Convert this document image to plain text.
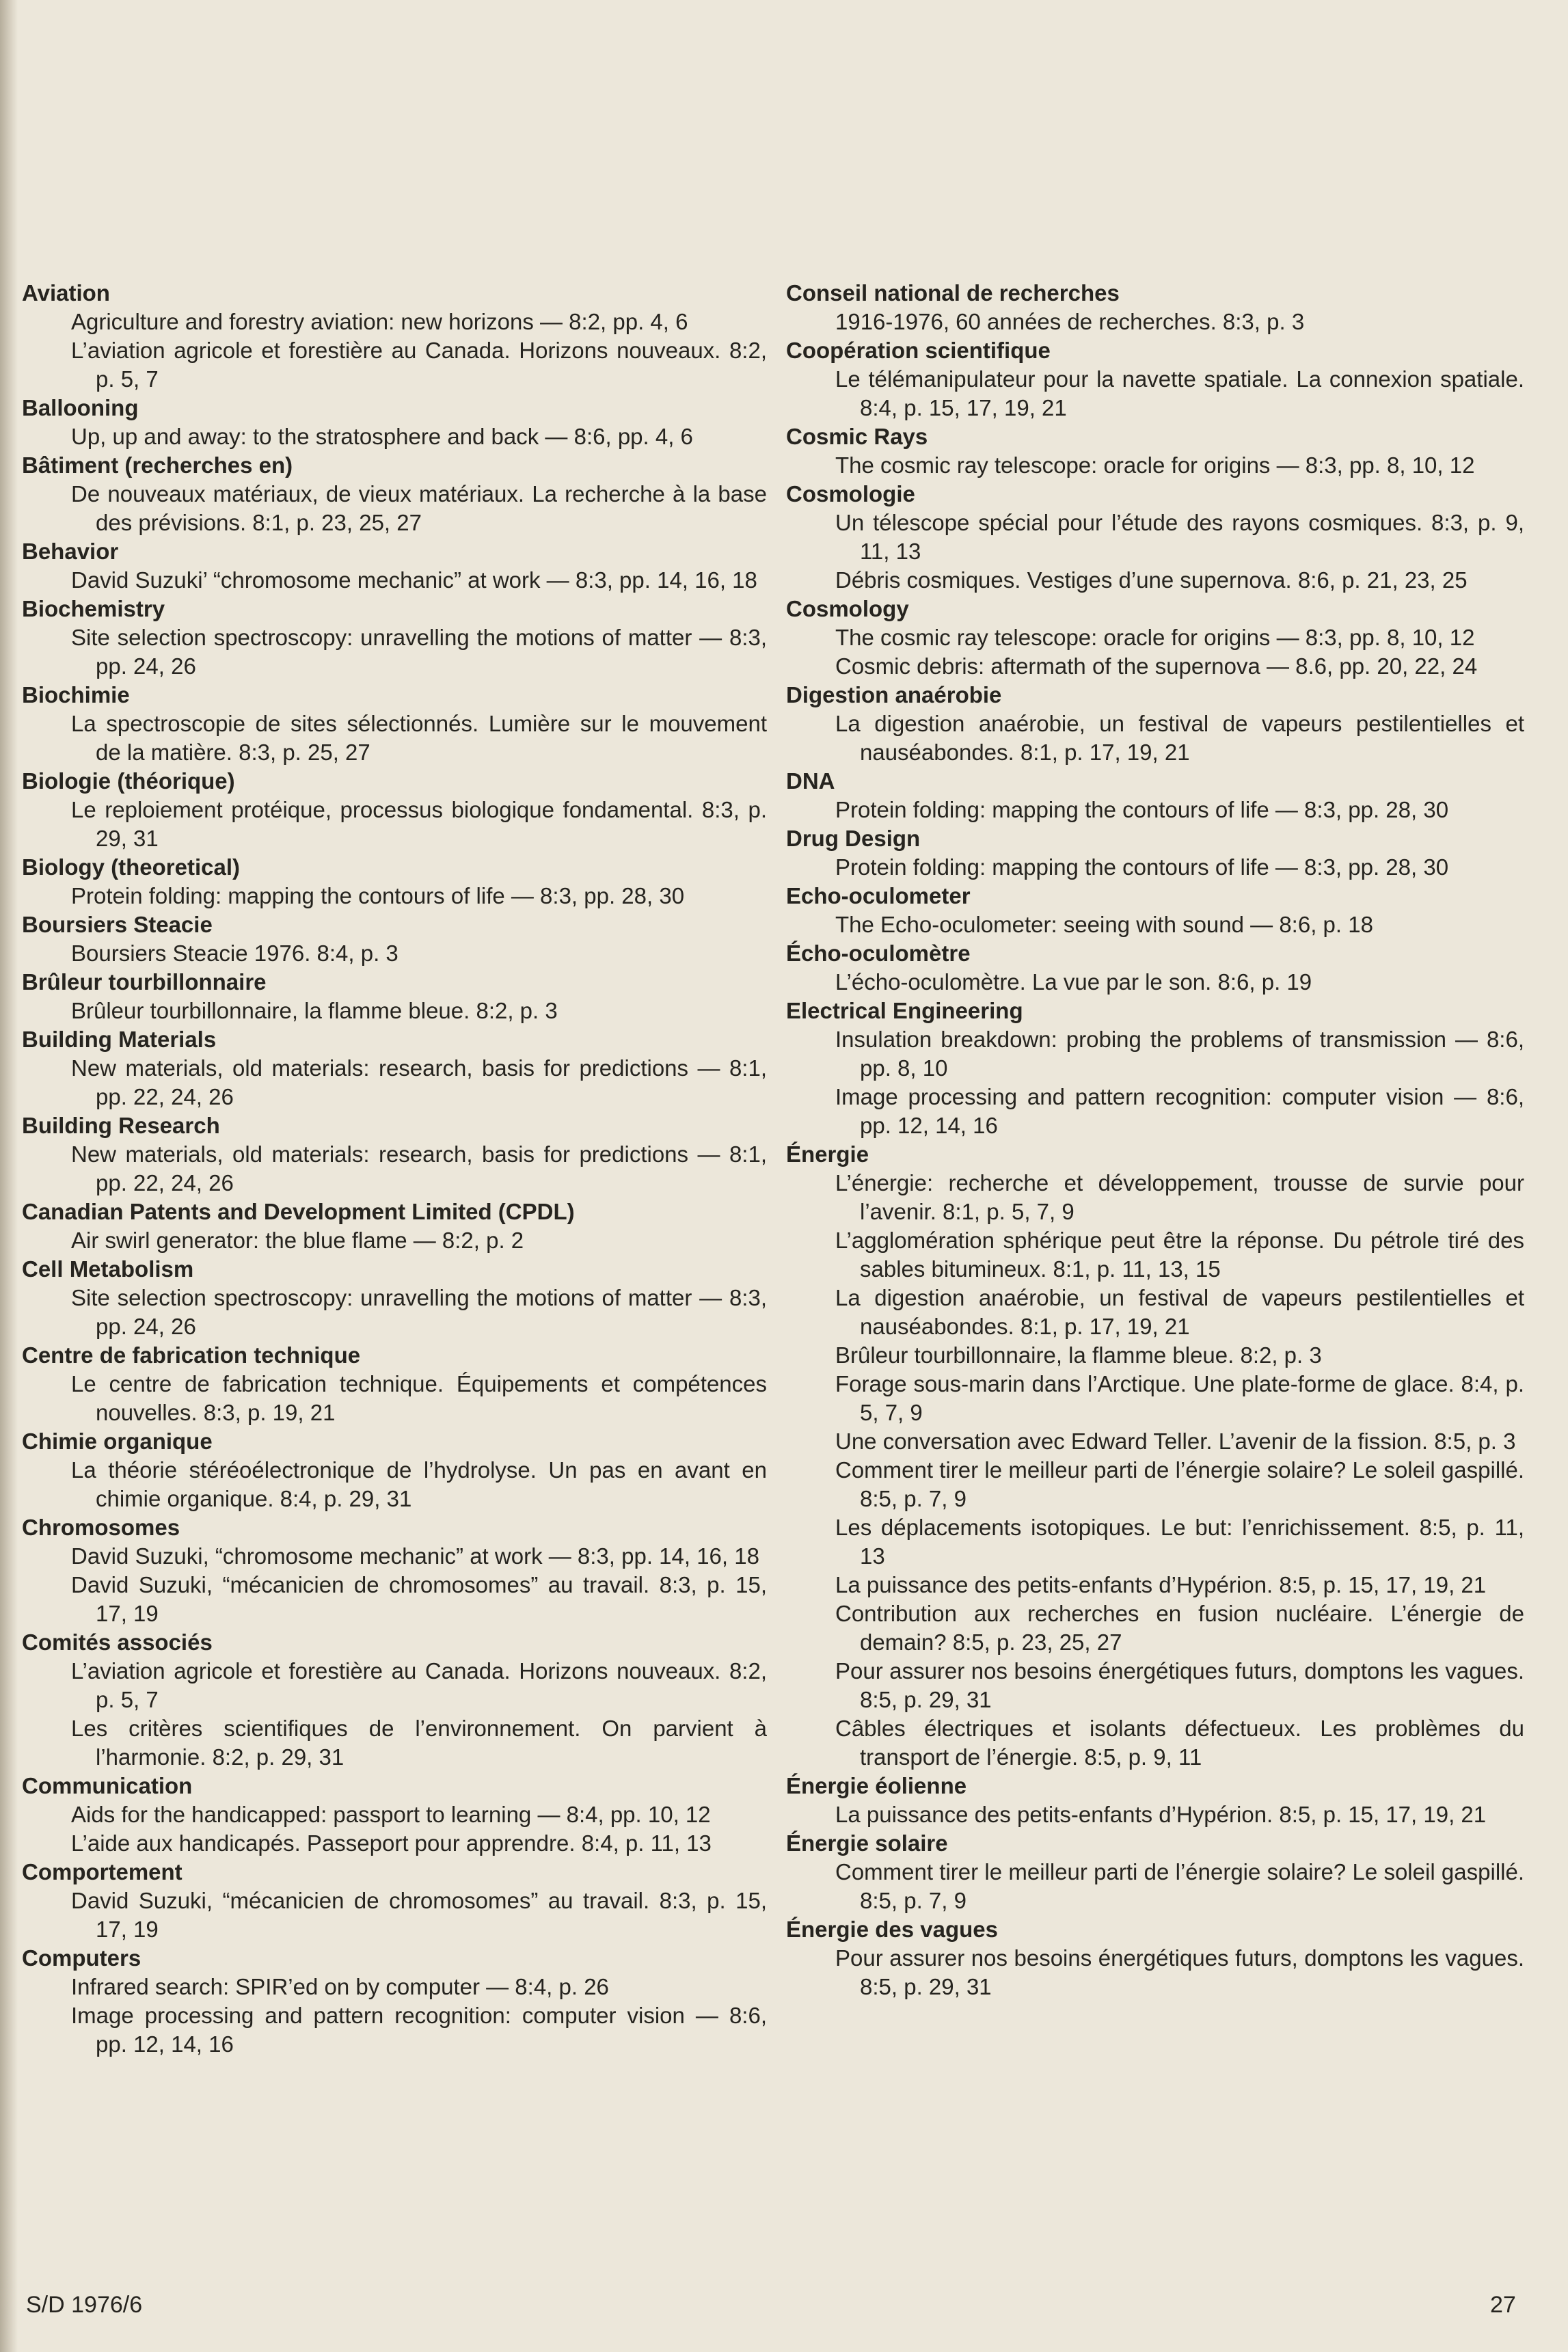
Aviation
Agriculture and forestry aviation: new horizons — 8:2, pp. 4, 6
L’aviation agricole et forestière au Canada. Horizons nouveaux. 8:2, p. 5, 7
Ballooning
Up, up and away: to the stratosphere and back — 8:6, pp. 4, 6
Bâtiment (recherches en)
De nouveaux matériaux, de vieux matériaux. La recherche à la base des prévisions. 8:1, p. 23, 25, 27
Behavior
David Suzuki’ “chromosome mechanic” at work — 8:3, pp. 14, 16, 18
Biochemistry
Site selection spectroscopy: unravelling the motions of matter — 8:3, pp. 24, 26
Biochimie
La spectroscopie de sites sélectionnés. Lumière sur le mouvement de la matière. 8:3, p. 25, 27
Biologie (théorique)
Le reploiement protéique, processus biologique fondamental. 8:3, p. 29, 31
Biology (theoretical)
Protein folding: mapping the contours of life — 8:3, pp. 28, 30
Boursiers Steacie
Boursiers Steacie 1976. 8:4, p. 3
Brûleur tourbillonnaire
Brûleur tourbillonnaire, la flamme bleue. 8:2, p. 3
Building Materials
New materials, old materials: research, basis for predictions — 8:1, pp. 22, 24, 26
Building Research
New materials, old materials: research, basis for predictions — 8:1, pp. 22, 24, 26
Canadian Patents and Development Limited (CPDL)
Air swirl generator: the blue flame — 8:2, p. 2
Cell Metabolism
Site selection spectroscopy: unravelling the motions of matter — 8:3, pp. 24, 26
Centre de fabrication technique
Le centre de fabrication technique. Équipements et compétences nouvelles. 8:3, p. 19, 21
Chimie organique
La théorie stéréoélectronique de l’hydrolyse. Un pas en avant en chimie organique. 8:4, p. 29, 31
Chromosomes
David Suzuki, “chromosome mechanic” at work — 8:3, pp. 14, 16, 18
David Suzuki, “mécanicien de chromosomes” au travail. 8:3, p. 15, 17, 19
Comités associés
L’aviation agricole et forestière au Canada. Horizons nouveaux. 8:2, p. 5, 7
Les critères scientifiques de l’environnement. On parvient à l’harmonie. 8:2, p. 29, 31
Communication
Aids for the handicapped: passport to learning — 8:4, pp. 10, 12
L’aide aux handicapés. Passeport pour apprendre. 8:4, p. 11, 13
Comportement
David Suzuki, “mécanicien de chromosomes” au travail. 8:3, p. 15, 17, 19
Computers
Infrared search: SPIR’ed on by computer — 8:4, p. 26
Image processing and pattern recognition: computer vision — 8:6, pp. 12, 14, 16
Conseil national de recherches
1916-1976, 60 années de recherches. 8:3, p. 3
Coopération scientifique
Le télémanipulateur pour la navette spatiale. La connexion spatiale. 8:4, p. 15, 17, 19, 21
Cosmic Rays
The cosmic ray telescope: oracle for origins — 8:3, pp. 8, 10, 12
Cosmologie
Un télescope spécial pour l’étude des rayons cosmiques. 8:3, p. 9, 11, 13
Débris cosmiques. Vestiges d’une supernova. 8:6, p. 21, 23, 25
Cosmology
The cosmic ray telescope: oracle for origins — 8:3, pp. 8, 10, 12
Cosmic debris: aftermath of the supernova — 8.6, pp. 20, 22, 24
Digestion anaérobie
La digestion anaérobie, un festival de vapeurs pestilentielles et nauséabondes. 8:1, p. 17, 19, 21
DNA
Protein folding: mapping the contours of life — 8:3, pp. 28, 30
Drug Design
Protein folding: mapping the contours of life — 8:3, pp. 28, 30
Echo-oculometer
The Echo-oculometer: seeing with sound — 8:6, p. 18
Écho-oculomètre
L’écho-oculomètre. La vue par le son. 8:6, p. 19
Electrical Engineering
Insulation breakdown: probing the problems of transmission — 8:6, pp. 8, 10
Image processing and pattern recognition: computer vision — 8:6, pp. 12, 14, 16
Énergie
L’énergie: recherche et développement, trousse de survie pour l’avenir. 8:1, p. 5, 7, 9
L’agglomération sphérique peut être la réponse. Du pétrole tiré des sables bitumineux. 8:1, p. 11, 13, 15
La digestion anaérobie, un festival de vapeurs pestilentielles et nauséabondes. 8:1, p. 17, 19, 21
Brûleur tourbillonnaire, la flamme bleue. 8:2, p. 3
Forage sous-marin dans l’Arctique. Une plate-forme de glace. 8:4, p. 5, 7, 9
Une conversation avec Edward Teller. L’avenir de la fission. 8:5, p. 3
Comment tirer le meilleur parti de l’énergie solaire? Le soleil gaspillé. 8:5, p. 7, 9
Les déplacements isotopiques. Le but: l’enrichissement. 8:5, p. 11, 13
La puissance des petits-enfants d’Hypérion. 8:5, p. 15, 17, 19, 21
Contribution aux recherches en fusion nucléaire. L’énergie de demain? 8:5, p. 23, 25, 27
Pour assurer nos besoins énergétiques futurs, domptons les vagues. 8:5, p. 29, 31
Câbles électriques et isolants défectueux. Les problèmes du transport de l’énergie. 8:5, p. 9, 11
Énergie éolienne
La puissance des petits-enfants d’Hypérion. 8:5, p. 15, 17, 19, 21
Énergie solaire
Comment tirer le meilleur parti de l’énergie solaire? Le soleil gaspillé. 8:5, p. 7, 9
Énergie des vagues
Pour assurer nos besoins énergétiques futurs, domptons les vagues. 8:5, p. 29, 31
S/D 1976/6	27
